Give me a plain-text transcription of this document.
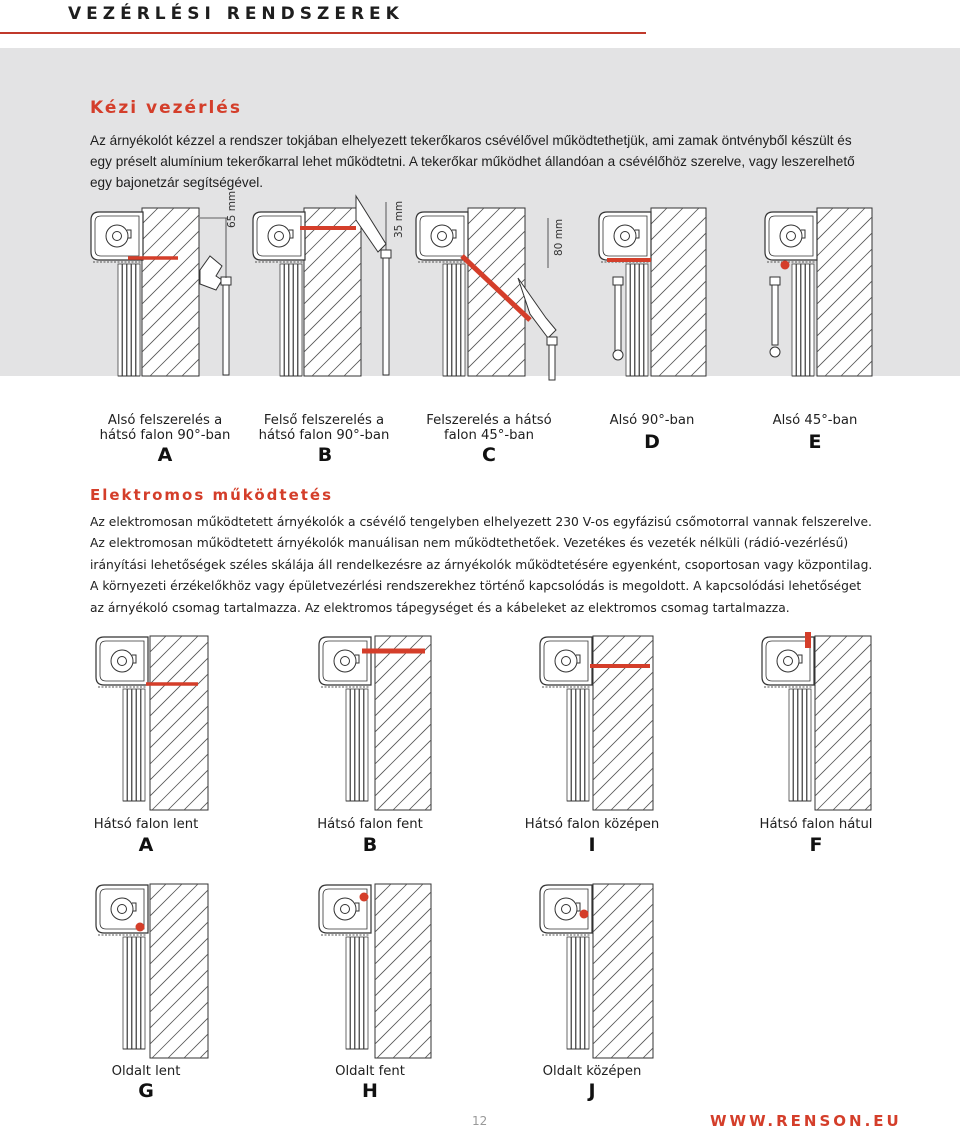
VEZÉRLÉSI RENDSZEREK
Kézi vezérlés
Az árnyékolót kézzel a rendszer tokjában elhelyezett tekerőkaros csévélővel működtethetjük, ami zamak öntvényből készült és
egy préselt alumínium tekerőkarral lehet működtetni. A tekerőkar működhet állandóan a csévélőhöz szerelve, vagy leszerelhető
egy bajonetzár segítségével.
65 mm	35 mm	80 mm
Alsó felszerelés a
hátsó falon 90°-ban
A
Felső felszerelés a
hátsó falon 90°-ban
B
Felszerelés a hátsó
falon 45°-ban
C
Alsó 90°-ban
D
Alsó 45°-ban
E
Elektromos működtetés
Az elektromosan működtetett árnyékolók a csévélő tengelyben elhelyezett 230 V-os egyfázisú csőmotorral vannak felszerelve.
Az elektromosan működtetett árnyékolók manuálisan nem működtethetőek. Vezetékes és vezeték nélküli (rádió-vezérlésű)
irányítási lehetőségek széles skálája áll rendelkezésre az árnyékolók működtetésére egyenként, csoportosan vagy központilag.
A környezeti érzékelőkhöz vagy épületvezérlési rendszerekhez történő kapcsolódás is megoldott. A kapcsolódási lehetőséget
az árnyékoló csomag tartalmazza. Az elektromos tápegységet és a kábeleket az elektromos csomag tartalmazza.
Hátsó falon lent
A
Hátsó falon fent
B
Hátsó falon középen
I
Hátsó falon hátul
F
Oldalt lent
G
Oldalt fent
H
Oldalt középen
J
12	WWW.RENSON.EU
